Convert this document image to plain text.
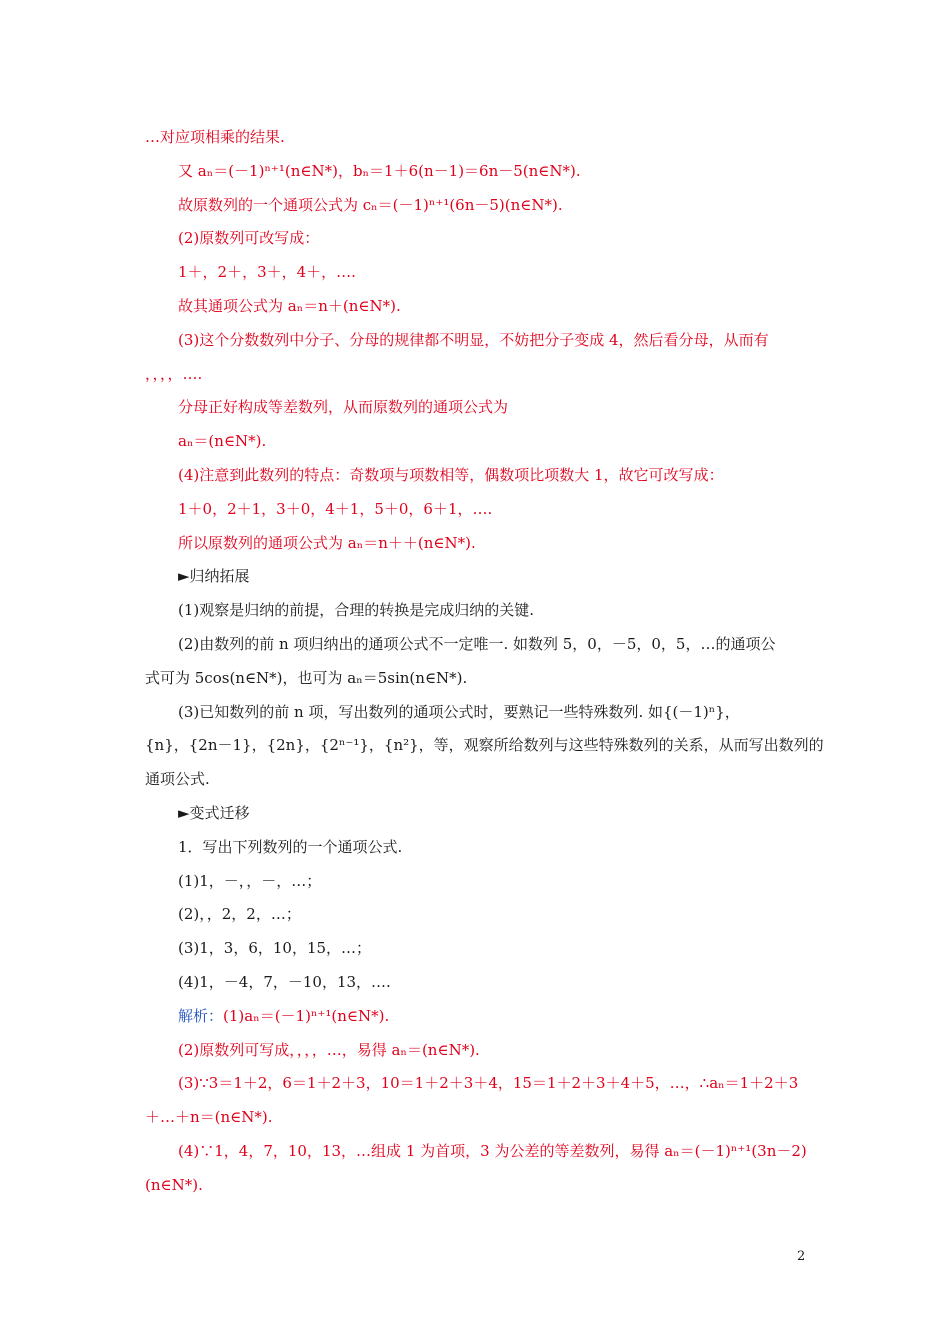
…对应项相乘的结果.
又 aₙ＝(－1)ⁿ⁺¹(n∈N*)，bₙ＝1＋6(n－1)＝6n－5(n∈N*).
故原数列的一个通项公式为 cₙ＝(－1)ⁿ⁺¹(6n－5)(n∈N*).
(2)原数列可改写成：
1＋，2＋，3＋，4＋，….
故其通项公式为 aₙ＝n＋(n∈N*).
(3)这个分数数列中分子、分母的规律都不明显，不妨把分子变成 4，然后看分母，从而有
，，，，….
分母正好构成等差数列，从而原数列的通项公式为
aₙ＝(n∈N*).
(4)注意到此数列的特点：奇数项与项数相等，偶数项比项数大 1，故它可改写成：
1＋0，2＋1，3＋0，4＋1，5＋0，6＋1，….
所以原数列的通项公式为 aₙ＝n＋＋(n∈N*).
►归纳拓展
(1)观察是归纳的前提，合理的转换是完成归纳的关键.
(2)由数列的前 n 项归纳出的通项公式不一定唯一. 如数列 5，0，－5，0，5，…的通项公
式可为 5cos(n∈N*)，也可为 aₙ＝5sin(n∈N*).
(3)已知数列的前 n 项，写出数列的通项公式时，要熟记一些特殊数列. 如{(－1)ⁿ}，
{n}，{2n－1}，{2n}，{2ⁿ⁻¹}，{n²}，等，观察所给数列与这些特殊数列的关系，从而写出数列的
通项公式.
►变式迁移
1．写出下列数列的一个通项公式.
(1)1，－，，－，…；
(2)，，2，2，…；
(3)1，3，6，10，15，…；
(4)1，－4，7，－10，13，….
解析：(1)aₙ＝(－1)ⁿ⁺¹(n∈N*).
(2)原数列可写成，，，，…，易得 aₙ＝(n∈N*).
(3)∵3＝1＋2，6＝1＋2＋3，10＝1＋2＋3＋4，15＝1＋2＋3＋4＋5，…，∴aₙ＝1＋2＋3
＋…＋n＝(n∈N*).
(4)∵1，4，7，10，13，…组成 1 为首项，3 为公差的等差数列，易得 aₙ＝(－1)ⁿ⁺¹(3n－2)
(n∈N*).
2
